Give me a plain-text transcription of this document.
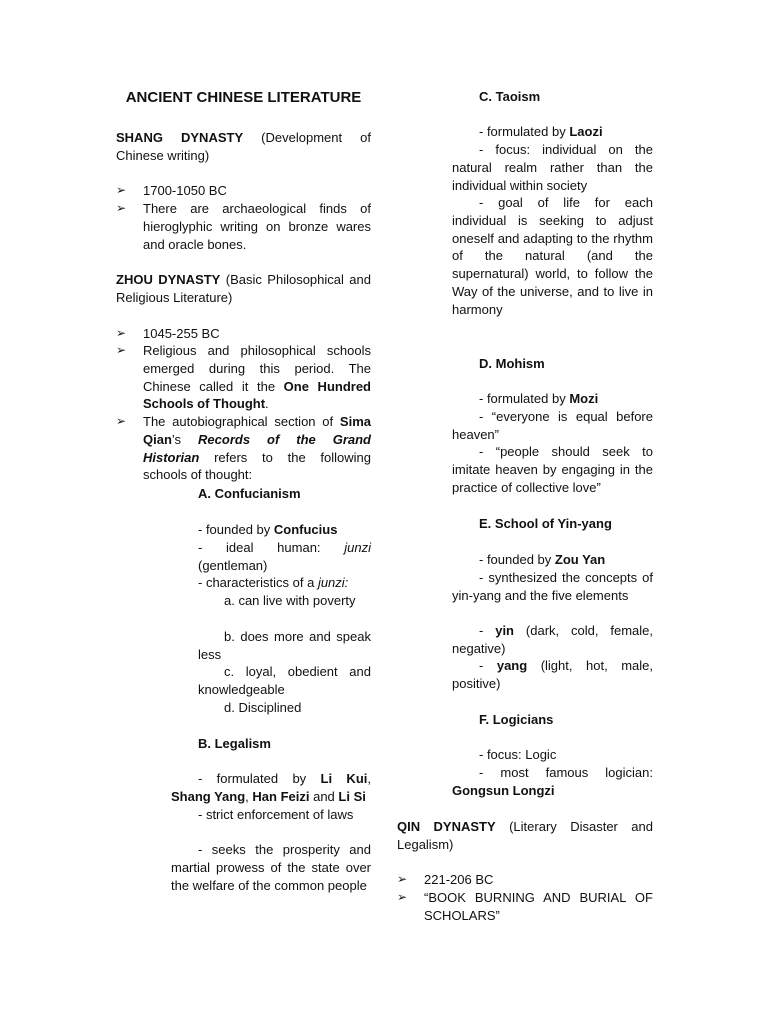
ANCIENT CHINESE LITERATURE

SHANG DYNASTY (Development of Chinese writing)

➢ 1700-1050 BC
➢ There are archaeological finds of hieroglyphic writing on bronze wares and oracle bones.

ZHOU DYNASTY (Basic Philosophical and Religious Literature)

➢ 1045-255 BC
➢ Religious and philosophical schools emerged during this period. The Chinese called it the One Hundred Schools of Thought.
➢ The autobiographical section of Sima Qian’s Records of the Grand Historian refers to the following schools of thought:

A. Confucianism

- founded by Confucius

- ideal human: junzi (gentleman)

- characteristics of a junzi:

a. can live with poverty

b. does more and speak less

c. loyal, obedient and knowledgeable

d. Disciplined

B. Legalism

- formulated by Li Kui, Shang Yang, Han Feizi and Li Si

- strict enforcement of laws

- seeks the prosperity and martial prowess of the state over the welfare of the common people

C. Taoism

- formulated by Laozi

- focus: individual on the natural realm rather than the individual within society

- goal of life for each individual is seeking to adjust oneself and adapting to the rhythm of the natural (and the supernatural) world, to follow the Way of the universe, and to live in harmony

D. Mohism

- formulated by Mozi

- “everyone is equal before heaven”

- “people should seek to imitate heaven by engaging in the practice of collective love”

E. School of Yin-yang

- founded by Zou Yan

- synthesized the concepts of yin-yang and the five elements

- yin (dark, cold, female, negative)

- yang (light, hot, male, positive)

F. Logicians

- focus: Logic

- most famous logician:

Gongsun Longzi

QIN DYNASTY (Literary Disaster and Legalism)

➢ 221-206 BC
➢ “BOOK BURNING AND BURIAL OF SCHOLARS”
